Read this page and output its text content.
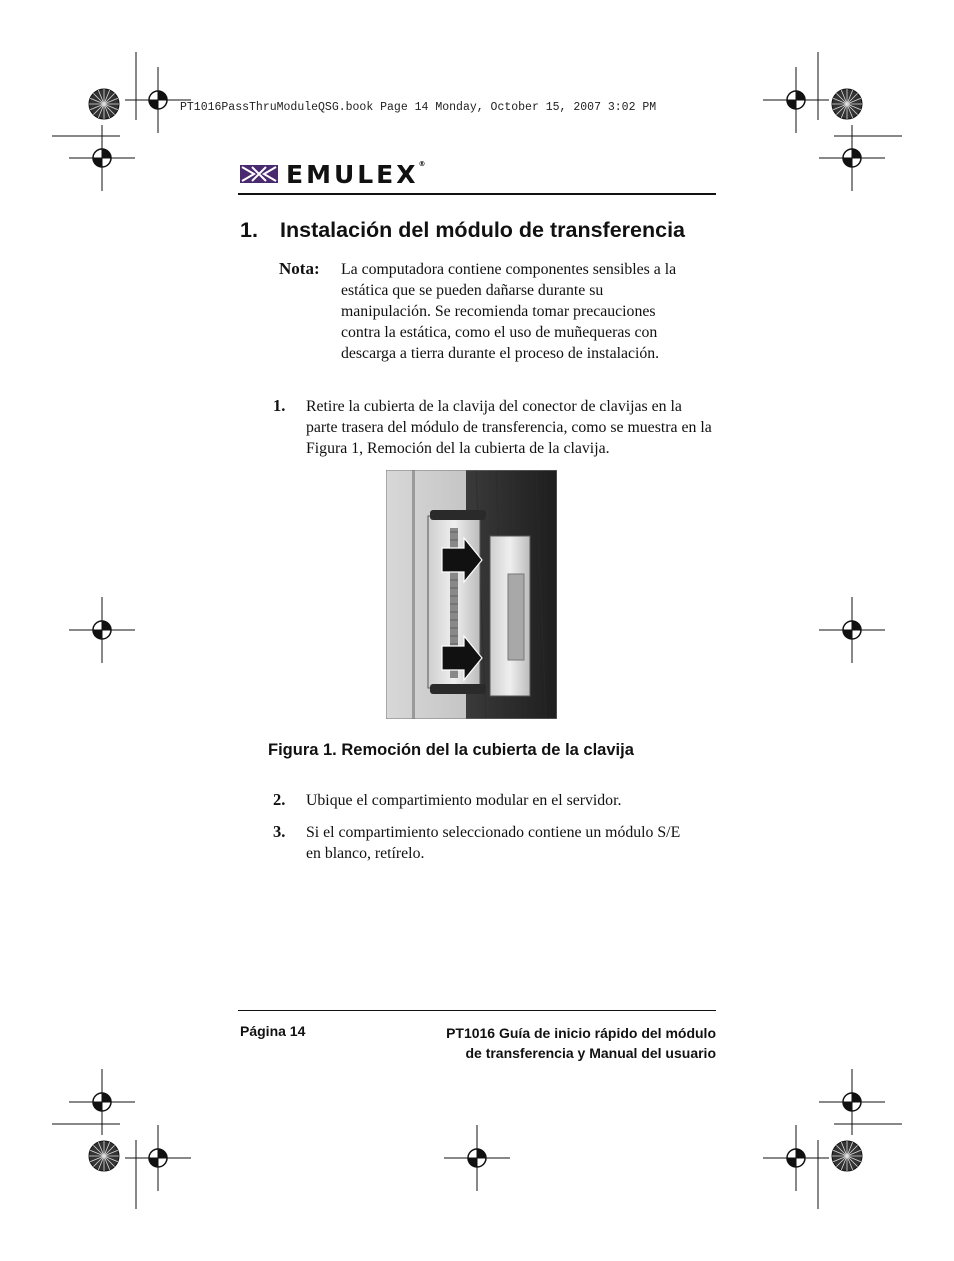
PT1016PassThruModuleQSG.book Page 14 Monday, October 15, 2007 3:02 PM
EMULEX®
1. Instalación del módulo de transferencia
Nota: La computadora contiene componentes sensibles a la estática que se pueden dañarse durante su manipulación. Se recomienda tomar precauciones contra la estática, como el uso de muñequeras con descarga a tierra durante el proceso de instalación.
1. Retire la cubierta de la clavija del conector de clavijas en la parte trasera del módulo de transferencia, como se muestra en la Figura 1, Remoción del la cubierta de la clavija.
Figura 1. Remoción del la cubierta de la clavija
2. Ubique el compartimiento modular en el servidor.
3. Si el compartimiento seleccionado contiene un módulo S/E en blanco, retírelo.
Página 14	PT1016 Guía de inicio rápido del módulo
de transferencia y Manual del usuario
